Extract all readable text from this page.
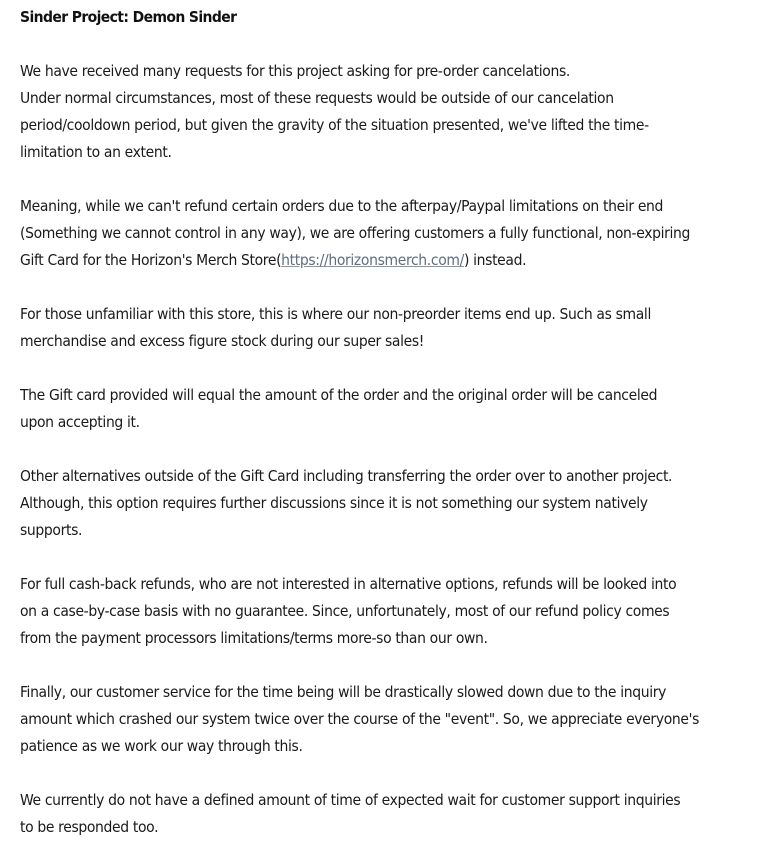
Sinder Project: Demon Sinder
We have received many requests for this project asking for pre-order cancelations.
Under normal circumstances, most of these requests would be outside of our cancelation
period/cooldown period, but given the gravity of the situation presented, we've lifted the time-
limitation to an extent.
Meaning, while we can't refund certain orders due to the afterpay/Paypal limitations on their end
(Something we cannot control in any way), we are offering customers a fully functional, non-expiring
Gift Card for the Horizon's Merch Store(https://horizonsmerch.com/) instead.
For those unfamiliar with this store, this is where our non-preorder items end up. Such as small
merchandise and excess figure stock during our super sales!
The Gift card provided will equal the amount of the order and the original order will be canceled
upon accepting it.
Other alternatives outside of the Gift Card including transferring the order over to another project.
Although, this option requires further discussions since it is not something our system natively
supports.
For full cash-back refunds, who are not interested in alternative options, refunds will be looked into
on a case-by-case basis with no guarantee. Since, unfortunately, most of our refund policy comes
from the payment processors limitations/terms more-so than our own.
Finally, our customer service for the time being will be drastically slowed down due to the inquiry
amount which crashed our system twice over the course of the "event". So, we appreciate everyone's
patience as we work our way through this.
We currently do not have a defined amount of time of expected wait for customer support inquiries
to be responded too.
